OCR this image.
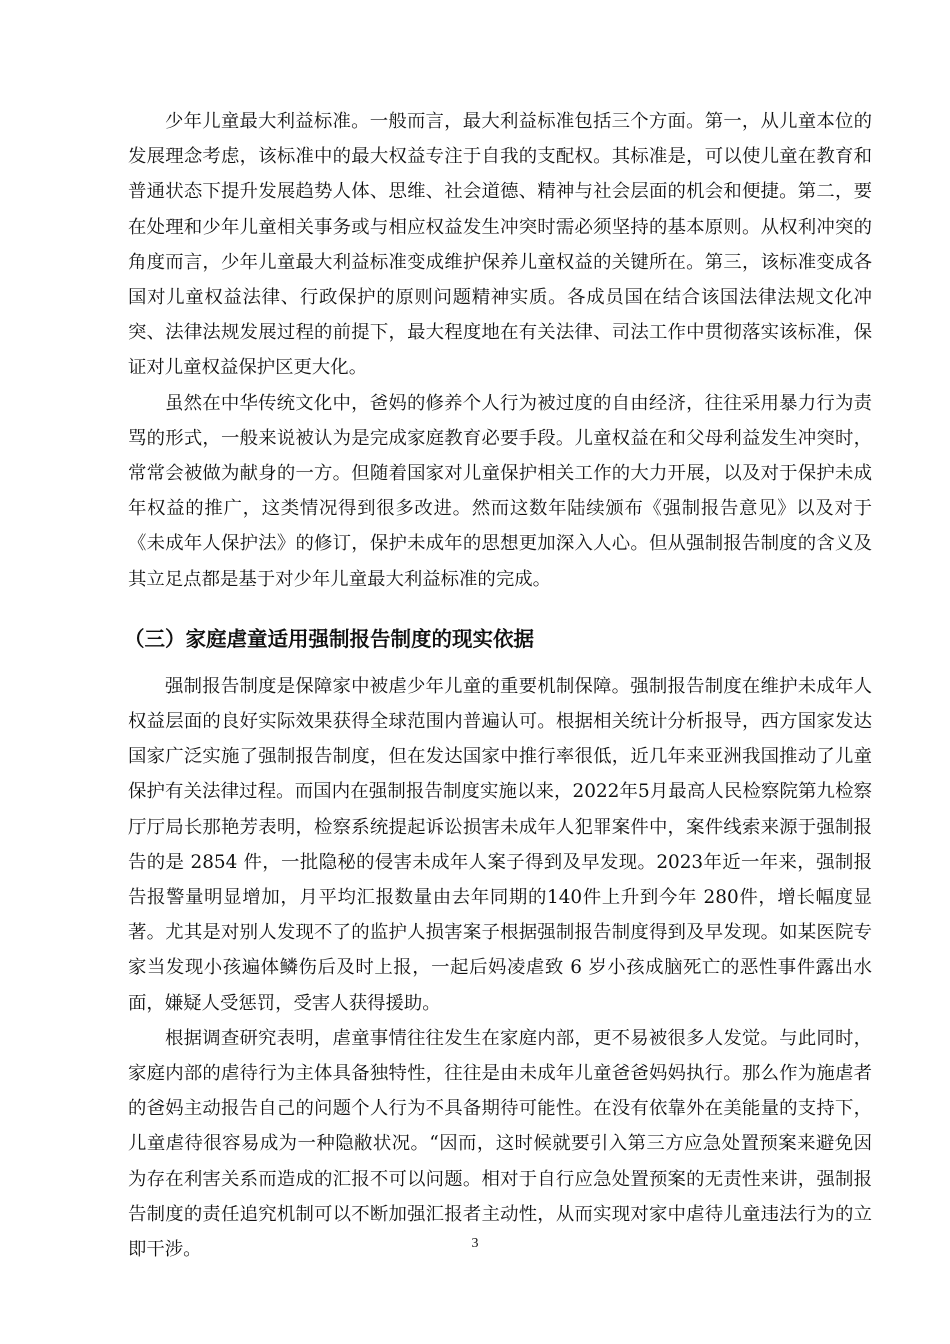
少年儿童最大利益标准。一般而言，最大利益标准包括三个方面。第一，从儿童本位的发展理念考虑，该标准中的最大权益专注于自我的支配权。其标准是，可以使儿童在教育和普通状态下提升发展趋势人体、思维、社会道德、精神与社会层面的机会和便捷。第二，要在处理和少年儿童相关事务或与相应权益发生冲突时需必须坚持的基本原则。从权利冲突的角度而言，少年儿童最大利益标准变成维护保养儿童权益的关键所在。第三，该标准变成各国对儿童权益法律、行政保护的原则问题精神实质。各成员国在结合该国法律法规文化冲突、法律法规发展过程的前提下，最大程度地在有关法律、司法工作中贯彻落实该标准，保证对儿童权益保护区更大化。

虽然在中华传统文化中，爸妈的修养个人行为被过度的自由经济，往往采用暴力行为责骂的形式，一般来说被认为是完成家庭教育必要手段。儿童权益在和父母利益发生冲突时，常常会被做为献身的一方。但随着国家对儿童保护相关工作的大力开展，以及对于保护未成年权益的推广，这类情况得到很多改进。然而这数年陆续颁布《强制报告意见》以及对于《未成年人保护法》的修订，保护未成年的思想更加深入人心。但从强制报告制度的含义及其立足点都是基于对少年儿童最大利益标准的完成。

（三）家庭虐童适用强制报告制度的现实依据

强制报告制度是保障家中被虐少年儿童的重要机制保障。强制报告制度在维护未成年人权益层面的良好实际效果获得全球范围内普遍认可。根据相关统计分析报导，西方国家发达国家广泛实施了强制报告制度，但在发达国家中推行率很低，近几年来亚洲我国推动了儿童保护有关法律过程。而国内在强制报告制度实施以来，2022年5月最高人民检察院第九检察厅厅局长那艳芳表明，检察系统提起诉讼损害未成年人犯罪案件中，案件线索来源于强制报告的是 2854 件，一批隐秘的侵害未成年人案子得到及早发现。2023年近一年来，强制报告报警量明显增加，月平均汇报数量由去年同期的140件上升到今年 280件，增长幅度显著。尤其是对别人发现不了的监护人损害案子根据强制报告制度得到及早发现。如某医院专家当发现小孩遍体鳞伤后及时上报，一起后妈凌虐致 6 岁小孩成脑死亡的恶性事件露出水面，嫌疑人受惩罚，受害人获得援助。

根据调查研究表明，虐童事情往往发生在家庭内部，更不易被很多人发觉。与此同时，家庭内部的虐待行为主体具备独特性，往往是由未成年儿童爸爸妈妈执行。那么作为施虐者的爸妈主动报告自己的问题个人行为不具备期待可能性。在没有依靠外在美能量的支持下，儿童虐待很容易成为一种隐敝状况。“因而，这时候就要引入第三方应急处置预案来避免因为存在利害关系而造成的汇报不可以问题。相对于自行应急处置预案的无责性来讲，强制报告制度的责任追究机制可以不断加强汇报者主动性，从而实现对家中虐待儿童违法行为的立即干涉。	3
